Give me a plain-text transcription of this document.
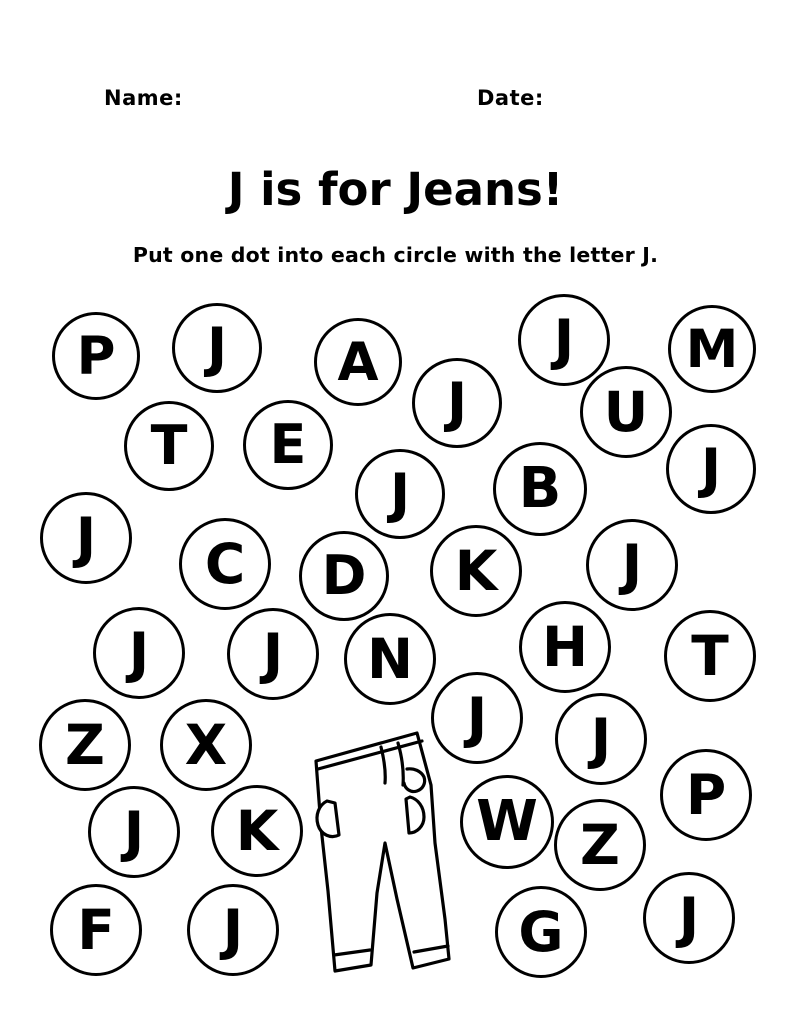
Name:	Date:
J is for Jeans!
Put one dot into each circle with the letter J.
P J A
J
J M
T E
U
J B	J
J C D K J
J J N H T
Z X	J J
J K	W	P
Z
F J	G J
